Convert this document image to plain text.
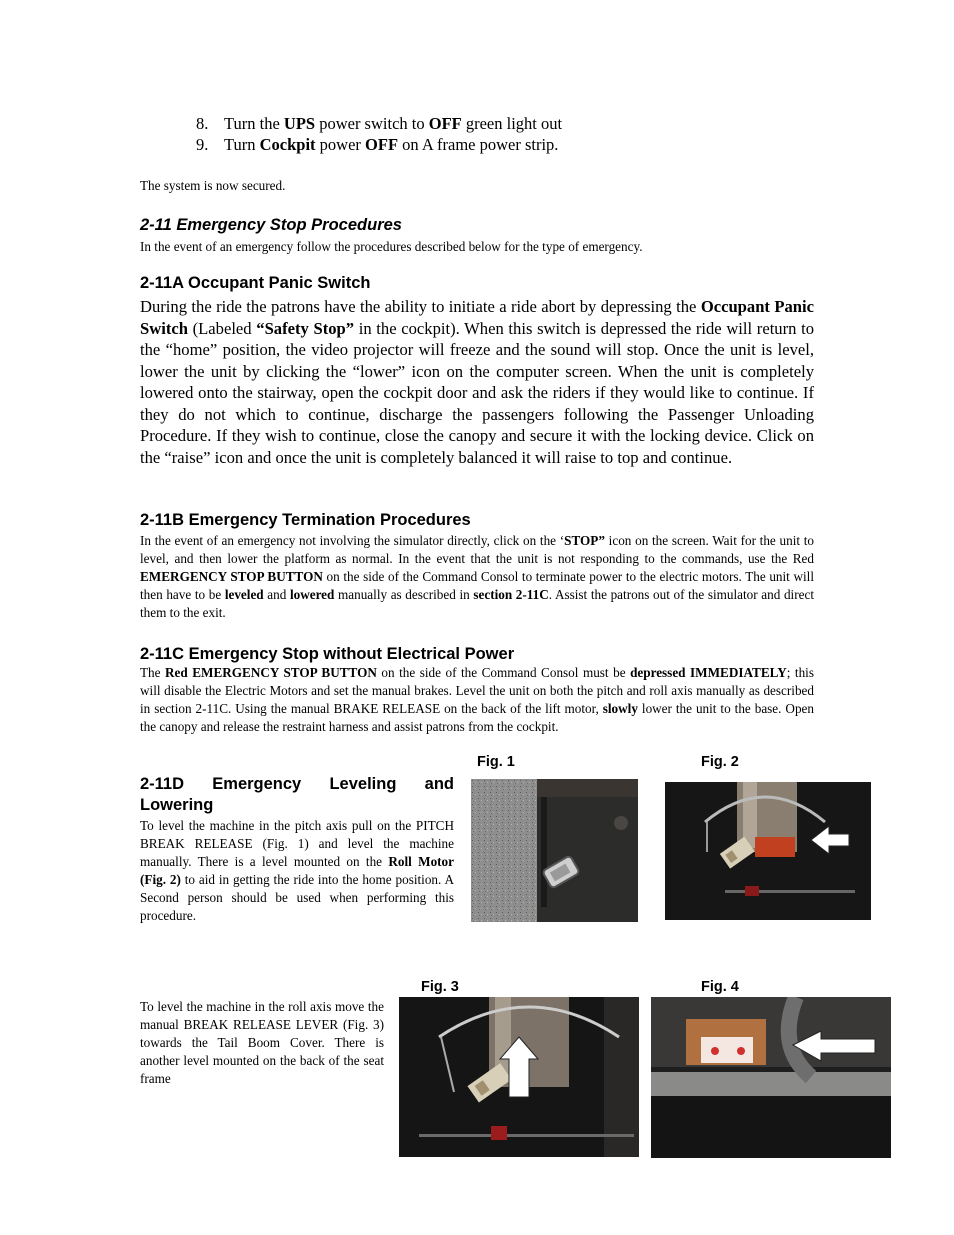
8. Turn the UPS power switch to OFF green light out
9. Turn Cockpit power OFF on A frame power strip.
The system is now secured.
2-11 Emergency Stop Procedures
In the event of an emergency follow the procedures described below for the type of emergency.
2-11A Occupant Panic Switch
During the ride the patrons have the ability to initiate a ride abort by depressing the Occupant Panic Switch (Labeled “Safety Stop” in the cockpit). When this switch is depressed the ride will return to the “home” position, the video projector will freeze and the sound will stop. Once the unit is level, lower the unit by clicking the “lower” icon on the computer screen. When the unit is completely lowered onto the stairway, open the cockpit door and ask the riders if they would like to continue. If they do not which to continue, discharge the passengers following the Passenger Unloading Procedure. If they wish to continue, close the canopy and secure it with the locking device. Click on the “raise” icon and once the unit is completely balanced it will raise to top and continue.
2-11B Emergency Termination Procedures
In the event of an emergency not involving the simulator directly, click on the ‘STOP” icon on the screen. Wait for the unit to level, and then lower the platform as normal. In the event that the unit is not responding to the commands, use the Red EMERGENCY STOP BUTTON on the side of the Command Consol to terminate power to the electric motors. The unit will then have to be leveled and lowered manually as described in section 2-11C. Assist the patrons out of the simulator and direct them to the exit.
2-11C Emergency Stop without Electrical Power
The Red EMERGENCY STOP BUTTON on the side of the Command Consol must be depressed IMMEDIATELY; this will disable the Electric Motors and set the manual brakes. Level the unit on both the pitch and roll axis manually as described in section 2-11C. Using the manual BRAKE RELEASE on the back of the lift motor, slowly lower the unit to the base. Open the canopy and release the restraint harness and assist patrons from the cockpit.
2-11D Emergency Leveling and Lowering
To level the machine in the pitch axis pull on the PITCH BREAK RELEASE (Fig. 1) and level the machine manually. There is a level mounted on the Roll Motor (Fig. 2) to aid in getting the ride into the home position. A Second person should be used when performing this procedure.
To level the machine in the roll axis move the manual BREAK RELEASE LEVER (Fig. 3) towards the Tail Boom Cover. There is another level mounted on the back of the seat frame
Fig. 1	Fig. 2
Fig. 3	Fig. 4
